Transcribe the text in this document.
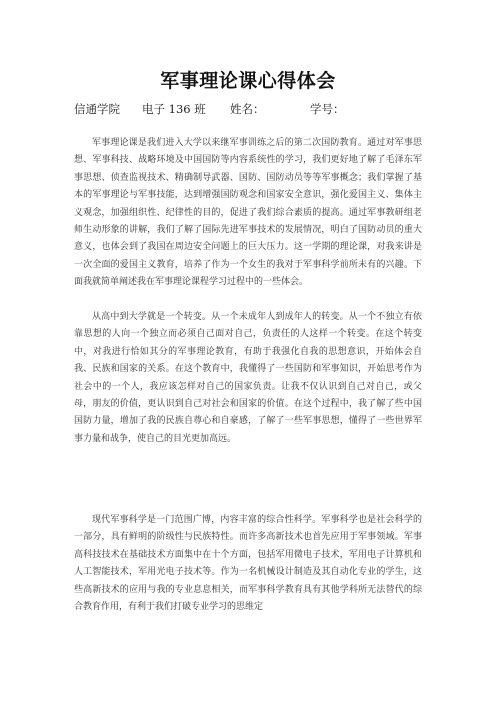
军事理论课心得体会
信通学院 电子 136 班 姓名：	学号：

军事理论课是我们进入大学以来继军事训练之后的第二次国防教育。通过对军事思想、军事科技、战略环境及中国国防等内容系统性的学习，我们更好地了解了毛泽东军事思想、侦查监视技术、精确制导武器、国防、国防动员等等军事概念；我们掌握了基本的军事理论与军事技能，达到增强国防观念和国家安全意识，强化爱国主义、集体主义观念，加强组织性、纪律性的目的，促进了我们综合素质的提高。通过军事教研组老师生动形象的讲解，我们了解了国际先进军事技术的发展情况，明白了国防动员的重大意义，也体会到了我国在周边安全问题上的巨大压力。这一学期的理论课，对我来讲是一次全面的爱国主义教育，培养了作为一个女生的我对于军事科学前所未有的兴趣。下面我就简单阐述我在军事理论课程学习过程中的一些体会。

从高中到大学就是一个转变。从一个未成年人到成年人的转变。从一个不独立有依靠思想的人向一个独立而必须自己面对自己，负责任的人这样一个转变。在这个转变中，对我进行恰如其分的军事理论教育，有助于我强化自我的思想意识，开始体会自我、民族和国家的关系。在这个教育中，我懂得了一些国防和军事知识，开始思考作为社会中的一个人，我应该怎样对自己的国家负责。让我不仅认识到自己对自己，或父母，朋友的价值，更认识到自己对社会和国家的价值。在这个过程中，我了解了些中国国防力量，增加了我的民族自尊心和自豪感，了解了一些军事思想，懂得了一些世界军事力量和战争，使自己的目光更加高远。

现代军事科学是一门范围广博，内容丰富的综合性科学。军事科学也是社会科学的一部分，具有鲜明的阶级性与民族特性。而许多高新技术也首先应用于军事领域。军事高科技技术在基础技术方面集中在十个方面，包括军用微电子技术，军用电子计算机和人工智能技术，军用光电子技术等。作为一名机械设计制造及其自动化专业的学生，这些高新技术的应用与我的专业息息相关，而军事科学教育具有其他学科所无法替代的综合教育作用，有利于我们打破专业学习的思维定
